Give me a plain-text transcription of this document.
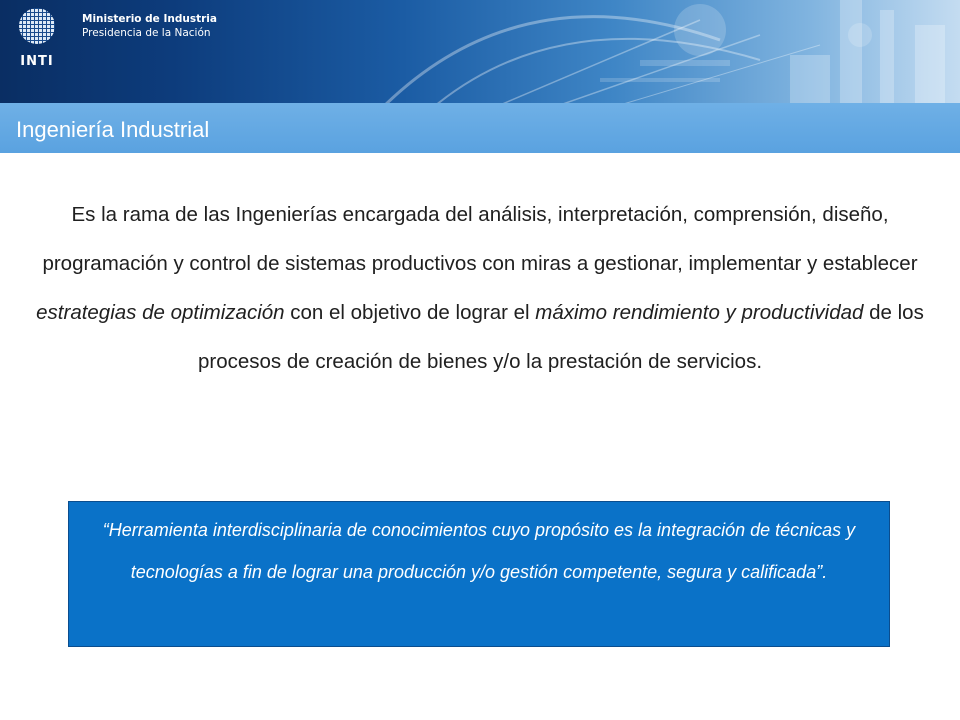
INTI
Ministerio de Industria
Presidencia de la Nación
Ingeniería Industrial

Es la rama de las Ingenierías encargada del análisis, interpretación, comprensión, diseño, programación y control de sistemas productivos con miras a gestionar, implementar y establecer estrategias de optimización con el objetivo de lograr el máximo rendimiento y productividad de los procesos de creación de bienes y/o la prestación de servicios.

“Herramienta interdisciplinaria de conocimientos cuyo propósito es la integración de técnicas y tecnologías a fin de lograr una producción y/o gestión competente, segura y calificada”.
